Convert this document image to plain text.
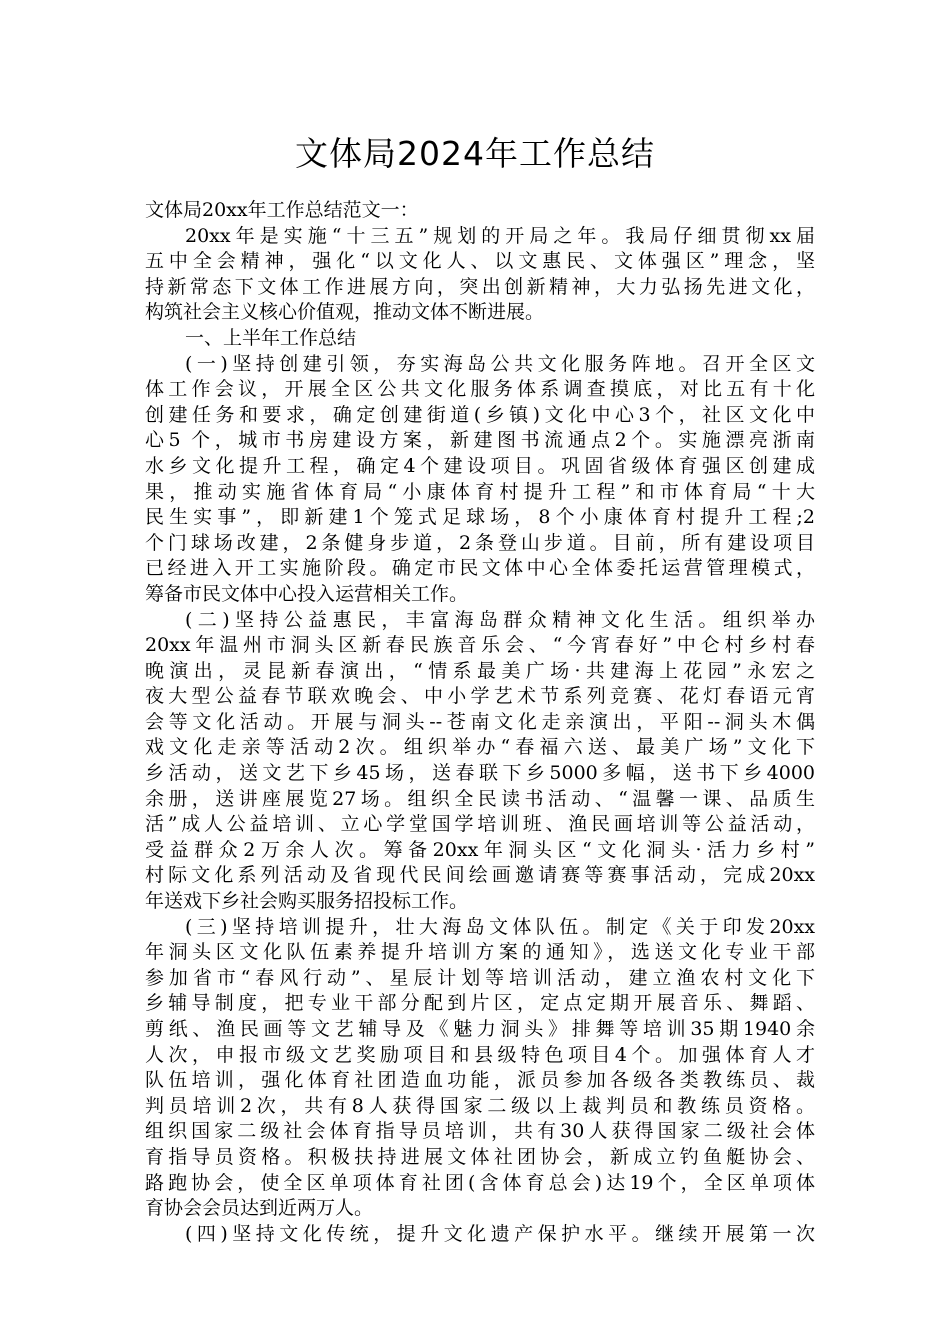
文体局2024年工作总结
文体局20xx年工作总结范文一：
20xx年是实施“十三五”规划的开局之年。我局仔细贯彻xx届
五中全会精神，强化“以文化人、以文惠民、文体强区”理念，坚
持新常态下文体工作进展方向，突出创新精神，大力弘扬先进文化，
构筑社会主义核心价值观，推动文体不断进展。
一、上半年工作总结
(一)坚持创建引领，夯实海岛公共文化服务阵地。召开全区文
体工作会议，开展全区公共文化服务体系调查摸底，对比五有十化
创建任务和要求，确定创建街道(乡镇)文化中心3个，社区文化中
心5 个，城市书房建设方案，新建图书流通点2个。实施漂亮浙南
水乡文化提升工程，确定4个建设项目。巩固省级体育强区创建成
果，推动实施省体育局“小康体育村提升工程”和市体育局“十大
民生实事”，即新建1个笼式足球场，8个小康体育村提升工程;2
个门球场改建，2条健身步道，2条登山步道。目前，所有建设项目
已经进入开工实施阶段。确定市民文体中心全体委托运营管理模式，
筹备市民文体中心投入运营相关工作。
(二)坚持公益惠民，丰富海岛群众精神文化生活。组织举办
20xx年温州市洞头区新春民族音乐会、“今宵春好”中仑村乡村春
晚演出，灵昆新春演出，“情系最美广场·共建海上花园”永宏之
夜大型公益春节联欢晚会、中小学艺术节系列竞赛、花灯春语元宵
会等文化活动。开展与洞头--苍南文化走亲演出，平阳--洞头木偶
戏文化走亲等活动2次。组织举办“春福六送、最美广场”文化下
乡活动，送文艺下乡45场，送春联下乡5000多幅，送书下乡4000
余册，送讲座展览27场。组织全民读书活动、“温馨一课、品质生
活”成人公益培训、立心学堂国学培训班、渔民画培训等公益活动，
受益群众2万余人次。筹备20xx年洞头区“文化洞头·活力乡村”
村际文化系列活动及省现代民间绘画邀请赛等赛事活动，完成20xx
年送戏下乡社会购买服务招投标工作。
(三)坚持培训提升，壮大海岛文体队伍。制定《关于印发20xx
年洞头区文化队伍素养提升培训方案的通知》，选送文化专业干部
参加省市“春风行动”、星辰计划等培训活动，建立渔农村文化下
乡辅导制度，把专业干部分配到片区，定点定期开展音乐、舞蹈、
剪纸、渔民画等文艺辅导及《魅力洞头》排舞等培训35期1940余
人次，申报市级文艺奖励项目和县级特色项目4个。加强体育人才
队伍培训，强化体育社团造血功能，派员参加各级各类教练员、裁
判员培训2次，共有8人获得国家二级以上裁判员和教练员资格。
组织国家二级社会体育指导员培训，共有30人获得国家二级社会体
育指导员资格。积极扶持进展文体社团协会，新成立钓鱼艇协会、
路跑协会，使全区单项体育社团(含体育总会)达19个，全区单项体
育协会会员达到近两万人。
(四)坚持文化传统，提升文化遗产保护水平。继续开展第一次
